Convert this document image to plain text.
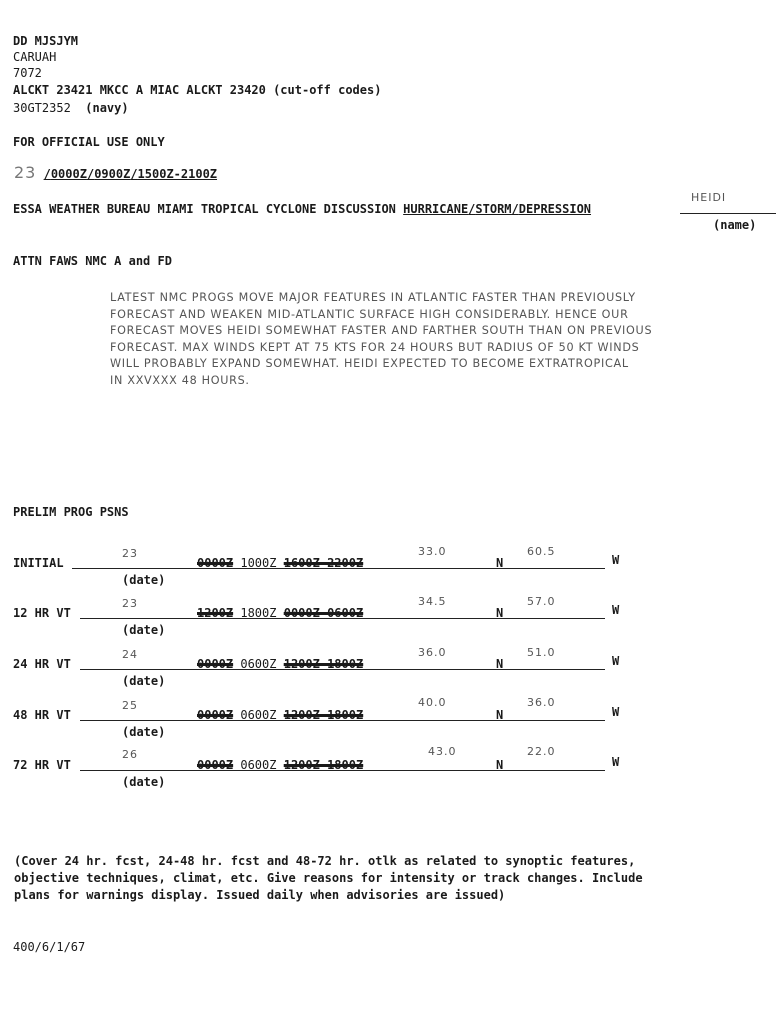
DD MJSJYM
CARUAH
7072
ALCKT 23421 MKCC A MIAC ALCKT 23420 (cut-off codes)
30GT2352 (navy)
FOR OFFICIAL USE ONLY
23 /0000Z/0900Z/1500Z-2100Z
ESSA WEATHER BUREAU MIAMI TROPICAL CYCLONE DISCUSSION HURRICANE/STORM/DEPRESSION
HEIDI
(name)
ATTN FAWS NMC A and FD
LATEST NMC PROGS MOVE MAJOR FEATURES IN ATLANTIC FASTER THAN PREVIOUSLY
FORECAST AND WEAKEN MID-ATLANTIC SURFACE HIGH CONSIDERABLY. HENCE OUR
FORECAST MOVES HEIDI SOMEWHAT FASTER AND FARTHER SOUTH THAN ON PREVIOUS
FORECAST. MAX WINDS KEPT AT 75 KTS FOR 24 HOURS BUT RADIUS OF 50 KT WINDS
WILL PROBABLY EXPAND SOMEWHAT. HEIDI EXPECTED TO BECOME EXTRATROPICAL
IN XXVXXX 48 HOURS.
PRELIM PROG PSNS
INITIAL
23
(date)
0000Z 1000Z 1600Z-2200Z
33.0
N
60.5
W
12 HR VT
23
(date)
1200Z 1800Z 0000Z-0600Z
34.5
N
57.0
W
24 HR VT
24
(date)
0000Z 0600Z 1200Z-1800Z
36.0
N
51.0
W
48 HR VT
25
(date)
0000Z 0600Z 1200Z-1800Z
40.0
N
36.0
W
72 HR VT
26
(date)
0000Z 0600Z 1200Z-1800Z
43.0
N
22.0
W
(Cover 24 hr. fcst, 24-48 hr. fcst and 48-72 hr. otlk as related to synoptic features,
objective techniques, climat, etc. Give reasons for intensity or track changes. Include
plans for warnings display. Issued daily when advisories are issued)
400/6/1/67
